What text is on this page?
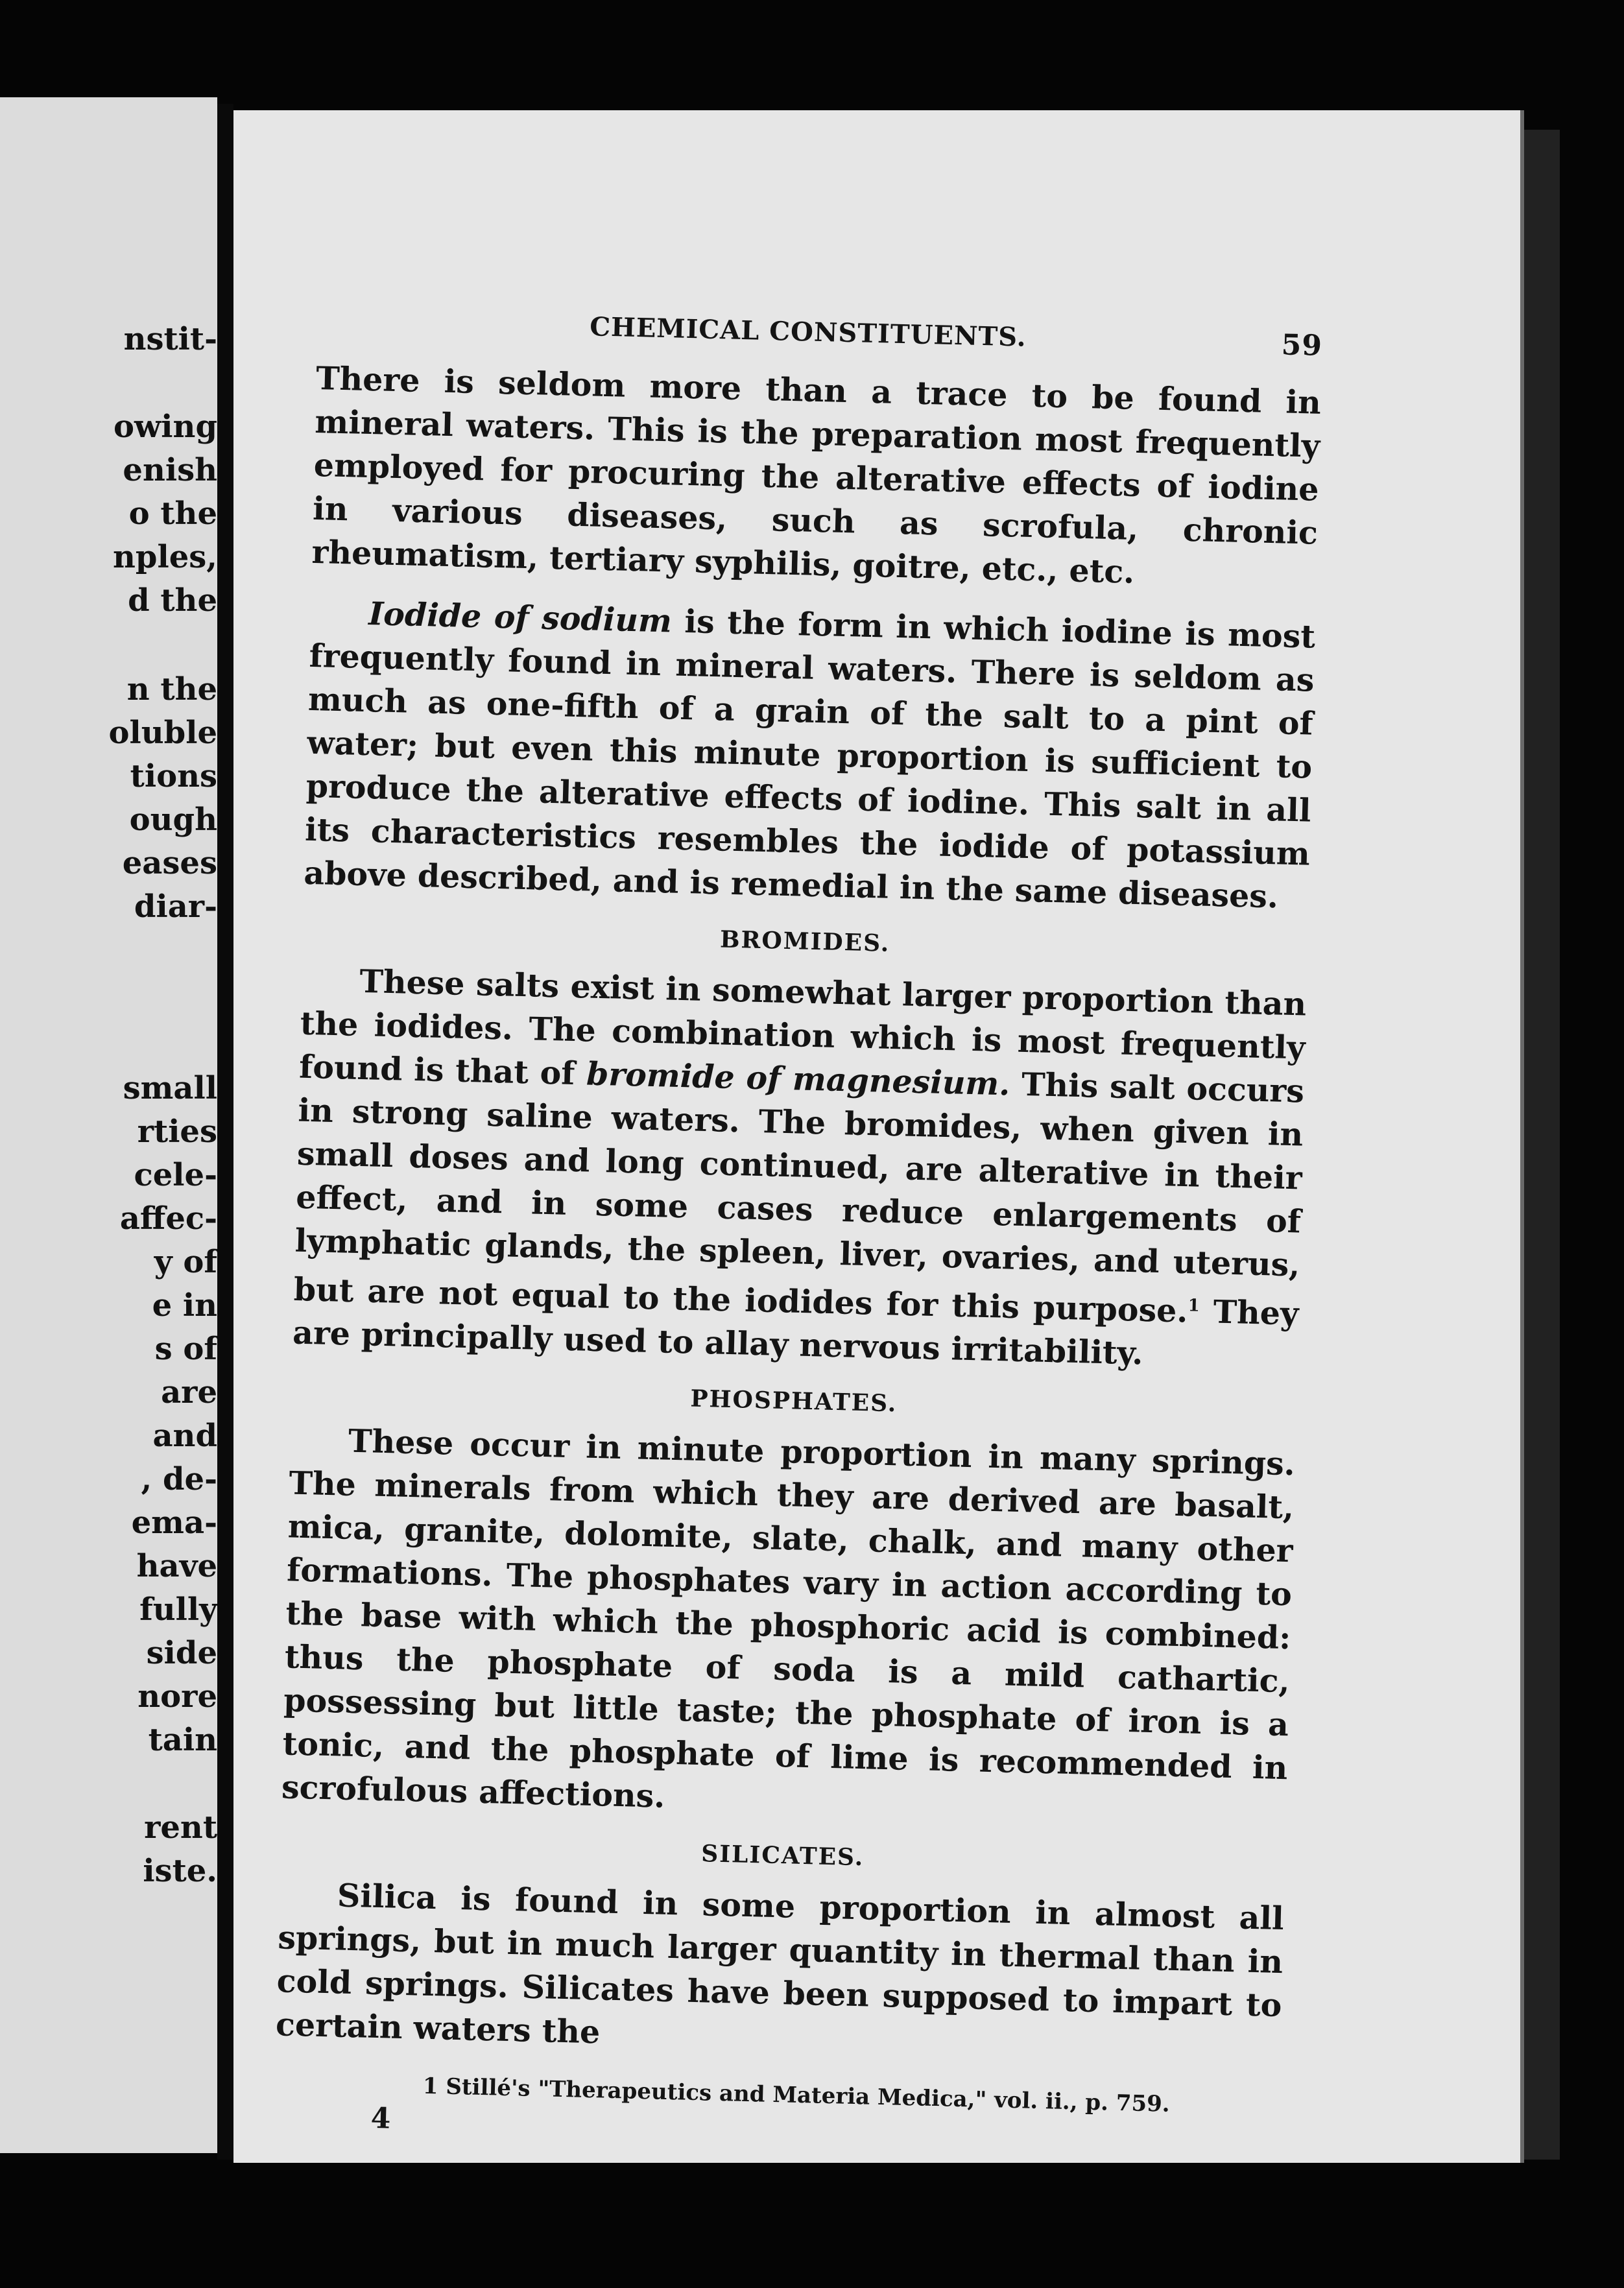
nstit-
owing
enish
o the
nples,
d the
n the
oluble
tions
ough
eases
diar-
small
rties
cele-
affec-
y of
e in
s of
are
and
, de-
ema-
have
fully
side
nore
tain
rent
iste.
CHEMICAL CONSTITUENTS.	59

There is seldom more than a trace to be found in mineral waters. This is the preparation most frequently employed for procuring the alterative effects of iodine in various diseases, such as scrofula, chronic rheumatism, tertiary syphilis, goitre, etc., etc.

Iodide of sodium is the form in which iodine is most frequently found in mineral waters. There is seldom as much as one-fifth of a grain of the salt to a pint of water; but even this minute proportion is sufficient to produce the alterative effects of iodine. This salt in all its characteristics resembles the iodide of potassium above described, and is remedial in the same diseases.

BROMIDES.

These salts exist in somewhat larger proportion than the iodides. The combination which is most frequently found is that of bromide of magnesium. This salt occurs in strong saline waters. The bromides, when given in small doses and long continued, are alterative in their effect, and in some cases reduce enlargements of lymphatic glands, the spleen, liver, ovaries, and uterus, but are not equal to the iodides for this purpose.$^1$ They are principally used to allay nervous irritability.

PHOSPHATES.

These occur in minute proportion in many springs. The minerals from which they are derived are basalt, mica, granite, dolomite, slate, chalk, and many other formations. The phosphates vary in action according to the base with which the phosphoric acid is combined: thus the phosphate of soda is a mild cathartic, possessing but little taste; the phosphate of iron is a tonic, and the phosphate of lime is recommended in scrofulous affections.

SILICATES.

Silica is found in some proportion in almost all springs, but in much larger quantity in thermal than in cold springs. Silicates have been supposed to impart to certain waters the

1 Stillé's "Therapeutics and Materia Medica," vol. ii., p. 759.
4
